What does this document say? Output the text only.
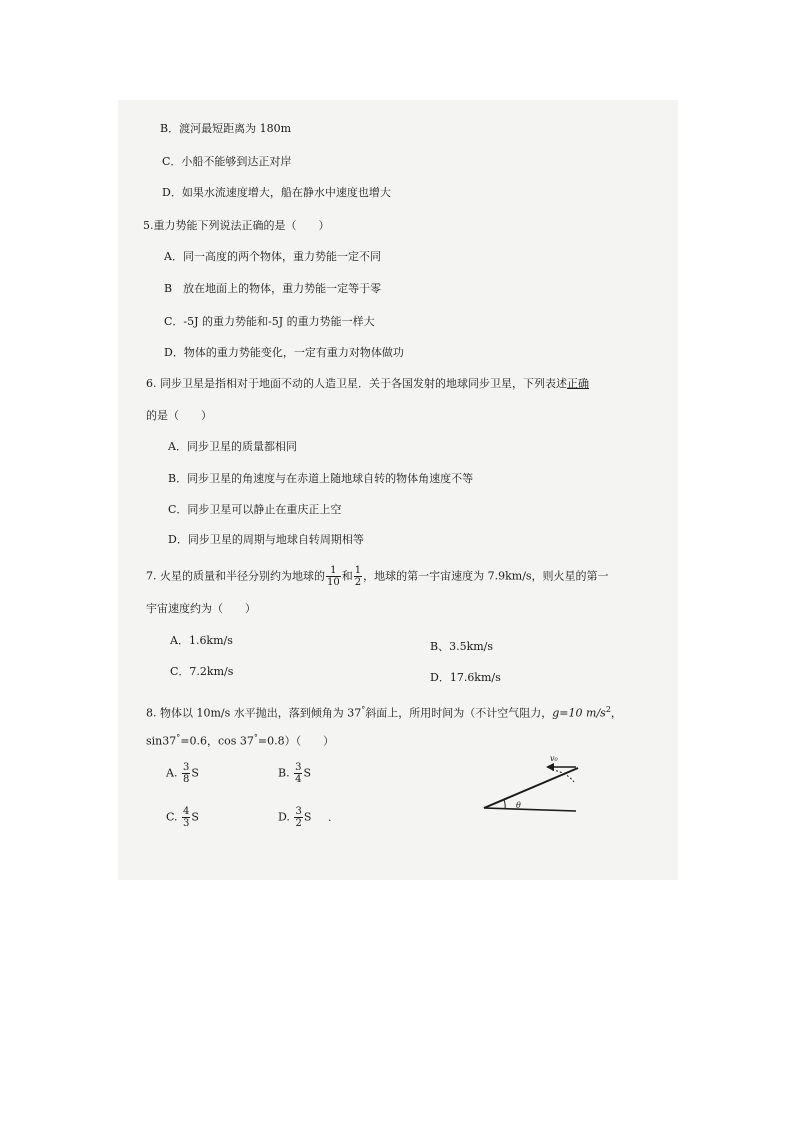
B．渡河最短距离为 180m
C．小船不能够到达正对岸
D．如果水流速度增大，船在静水中速度也增大
5.重力势能下列说法正确的是（　　）
A．同一高度的两个物体，重力势能一定不同
B　放在地面上的物体，重力势能一定等于零
C．-5J 的重力势能和-5J 的重力势能一样大
D．物体的重力势能变化，一定有重力对物体做功
6. 同步卫星是指相对于地面不动的人造卫星．关于各国发射的地球同步卫星，下列表述正确
的是（　　）
A．同步卫星的质量都相同
B．同步卫星的角速度与在赤道上随地球自转的物体角速度不等
C．同步卫星可以静止在重庆正上空
D．同步卫星的周期与地球自转周期相等
7. 火星的质量和半径分别约为地球的 $\frac{1}{10}$ 和 $\frac{1}{2}$ ，地球的第一宇宙速度为 7.9km/s，则火星的第一
宇宙速度约为（　　）
A．1.6km/s	B、3.5km/s
C．7.2km/s	D．17.6km/s
8. 物体以 10m/s 水平抛出，落到倾角为 37°斜面上，所用时间为（不计空气阻力，g=10 $m/s^2$，
sin37°=0.6，cos 37°=0.8）（　　）
A. $\frac{3}{8}$ S	B. $\frac{3}{4}$ S
C. $\frac{4}{3}$ S	D. $\frac{3}{2}$ S
v₀
θ
·
